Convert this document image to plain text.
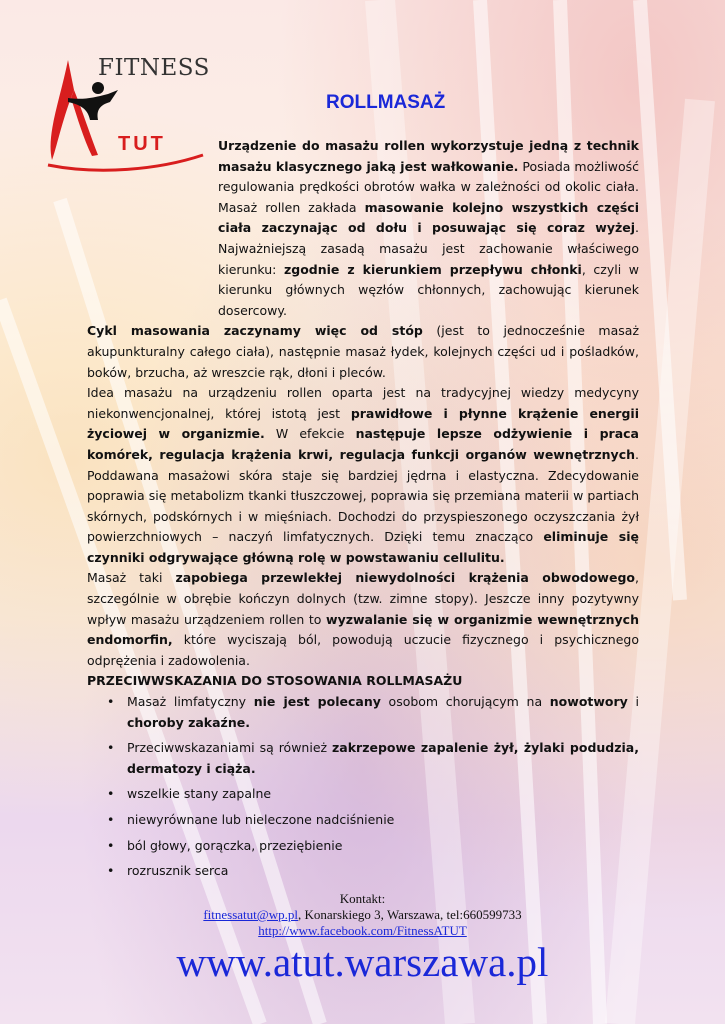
FITNESS
TUT
ROLLMASAŻ

Urządzenie do masażu rollen wykorzystuje jedną z technik masażu klasycznego jaką jest wałkowanie. Posiada możliwość regulowania prędkości obrotów wałka w zależności od okolic ciała. Masaż rollen zakłada masowanie kolejno wszystkich części ciała zaczynając od dołu i posuwając się coraz wyżej. Najważniejszą zasadą masażu jest zachowanie właściwego kierunku: zgodnie z kierunkiem przepływu chłonki, czyli w kierunku głównych węzłów chłonnych, zachowując kierunek dosercowy.

Cykl masowania zaczynamy więc od stóp (jest to jednocześnie masaż akupunkturalny całego ciała), następnie masaż łydek, kolejnych części ud i pośladków, boków, brzucha, aż wreszcie rąk, dłoni i pleców.

Idea masażu na urządzeniu rollen oparta jest na tradycyjnej wiedzy medycyny niekonwencjonalnej, której istotą jest prawidłowe i płynne krążenie energii życiowej w organizmie. W efekcie następuje lepsze odżywienie i praca komórek, regulacja krążenia krwi, regulacja funkcji organów wewnętrznych. Poddawana masażowi skóra staje się bardziej jędrna i elastyczna. Zdecydowanie poprawia się metabolizm tkanki tłuszczowej, poprawia się przemiana materii w partiach skórnych, podskórnych i w mięśniach. Dochodzi do przyspieszonego oczyszczania żył powierzchniowych – naczyń limfatycznych. Dzięki temu znacząco eliminuje się czynniki odgrywające główną rolę w powstawaniu cellulitu.

Masaż taki zapobiega przewlekłej niewydolności krążenia obwodowego, szczególnie w obrębie kończyn dolnych (tzw. zimne stopy). Jeszcze inny pozytywny wpływ masażu urządzeniem rollen to wyzwalanie się w organizmie wewnętrznych endomorfin, które wyciszają ból, powodują uczucie fizycznego i psychicznego odprężenia i zadowolenia.

PRZECIWWSKAZANIA DO STOSOWANIA ROLLMASAŻU

• Masaż limfatyczny nie jest polecany osobom chorującym na nowotwory i choroby zakaźne.
• Przeciwwskazaniami są również zakrzepowe zapalenie żył, żylaki podudzia, dermatozy i ciąża.
• wszelkie stany zapalne
• niewyrównane lub nieleczone nadciśnienie
• ból głowy, gorączka, przeziębienie
• rozrusznik serca
Kontakt:
fitnessatut@wp.pl, Konarskiego 3, Warszawa, tel:660599733
http://www.facebook.com/FitnessATUT
www.atut.warszawa.pl
